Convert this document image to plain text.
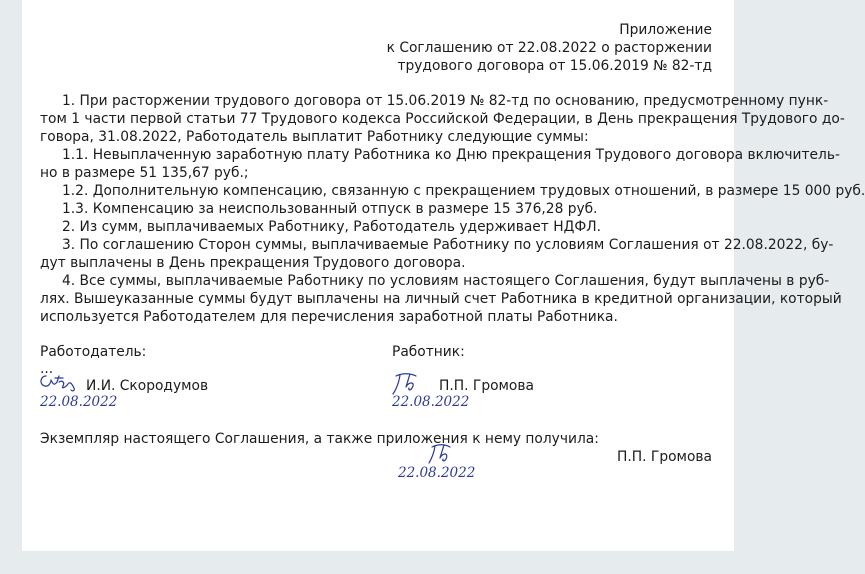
Приложение
к Соглашению от 22.08.2022 о расторжении
трудового договора от 15.06.2019 № 82-тд
1. При расторжении трудового договора от 15.06.2019 № 82-тд по основанию, предусмотренному пунк-
том 1 части первой статьи 77 Трудового кодекса Российской Федерации, в День прекращения Трудового до-
говора, 31.08.2022, Работодатель выплатит Работнику следующие суммы:
1.1. Невыплаченную заработную плату Работника ко Дню прекращения Трудового договора включитель-
но в размере 51 135,67 руб.;
1.2. Дополнительную компенсацию, связанную с прекращением трудовых отношений, в размере 15 000 руб.
1.3. Компенсацию за неиспользованный отпуск в размере 15 376,28 руб.
2. Из сумм, выплачиваемых Работнику, Работодатель удерживает НДФЛ.
3. По соглашению Сторон суммы, выплачиваемые Работнику по условиям Соглашения от 22.08.2022, бу-
дут выплачены в День прекращения Трудового договора.
4. Все суммы, выплачиваемые Работнику по условиям настоящего Соглашения, будут выплачены в руб-
лях. Вышеуказанные суммы будут выплачены на личный счет Работника в кредитной организации, который
используется Работодателем для перечисления заработной платы Работника.
Работодатель:
...
И.И. Скородумов
22.08.2022
Работник:
П.П. Громова
22.08.2022
Экземпляр настоящего Соглашения, а также приложения к нему получила:
П.П. Громова
22.08.2022
